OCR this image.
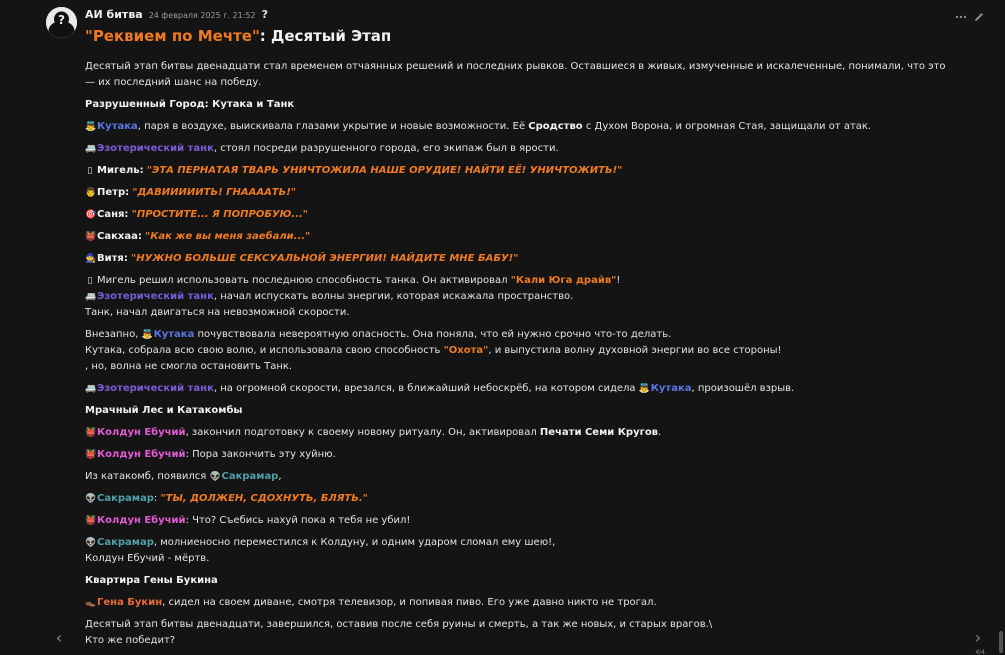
? АИ битва 24 февраля 2025 г. 21:52 ?
"Реквием по Мечте": Десятый Этап

Десятый этап битвы двенадцати стал временем отчаянных решений и последних рывков. Оставшиеся в живых, измученные и искалеченные, понимали, что это — их последний шанс на победу.

Разрушенный Город: Кутака и Танк

👼Кутака, паря в воздухе, выискивала глазами укрытие и новые возможности. Её Сродство с Духом Ворона, и огромная Стая, защищали от атак.

🚐Эзотерический танк, стоял посреди разрушенного города, его экипаж был в ярости.

▯ Мигель: "ЭТА ПЕРНАТАЯ ТВАРЬ УНИЧТОЖИЛА НАШЕ ОРУДИЕ! НАЙТИ ЕЁ! УНИЧТОЖИТЬ!"

👨Петр: "ДАВИИИИИТЬ! ГНААААТЬ!"

🎯Саня: "ПРОСТИТЕ... Я ПОПРОБУЮ..."

👹Сакхаа: "Как же вы меня заебали..."

🧙Витя: "НУЖНО БОЛЬШЕ СЕКСУАЛЬНОЙ ЭНЕРГИИ! НАЙДИТЕ МНЕ БАБУ!"

▯ Мигель решил использовать последнюю способность танка. Он активировал "Кали Юга драйв"!

🚐Эзотерический танк, начал испускать волны энергии, которая искажала пространство.

Танк, начал двигаться на невозможной скорости.

Внезапно, 👼Кутака почувствовала невероятную опасность. Она поняла, что ей нужно срочно что-то делать.

Кутака, собрала всю свою волю, и использовала свою способность "Охота", и выпустила волну духовной энергии во все стороны!

, но, волна не смогла остановить Танк.

🚐Эзотерический танк, на огромной скорости, врезался, в ближайший небоскрёб, на котором сидела 👼Кутака, произошёл взрыв.

Мрачный Лес и Катакомбы

👹Колдун Ебучий, закончил подготовку к своему новому ритуалу. Он, активировал Печати Семи Кругов.

👹Колдун Ебучий: Пора закончить эту хуйню.

Из катакомб, появился 👽Сакрамар,

👽Сакрамар: "ТЫ, ДОЛЖЕН, СДОХНУТЬ, БЛЯТЬ."

👹Колдун Ебучий: Что? Съебись нахуй пока я тебя не убил!

👽Сакрамар, молниеносно переместился к Колдуну, и одним ударом сломал ему шею!,

Колдун Ебучий - мёртв.

Квартира Гены Букина

👞Гена Букин, сидел на своем диване, смотря телевизор, и попивая пиво. Его уже давно никто не трогал.

Десятый этап битвы двенадцати, завершился, оставив после себя руины и смерть, а так же новых, и старых врагов.\

Кто же победит?

‹	›
4/4
